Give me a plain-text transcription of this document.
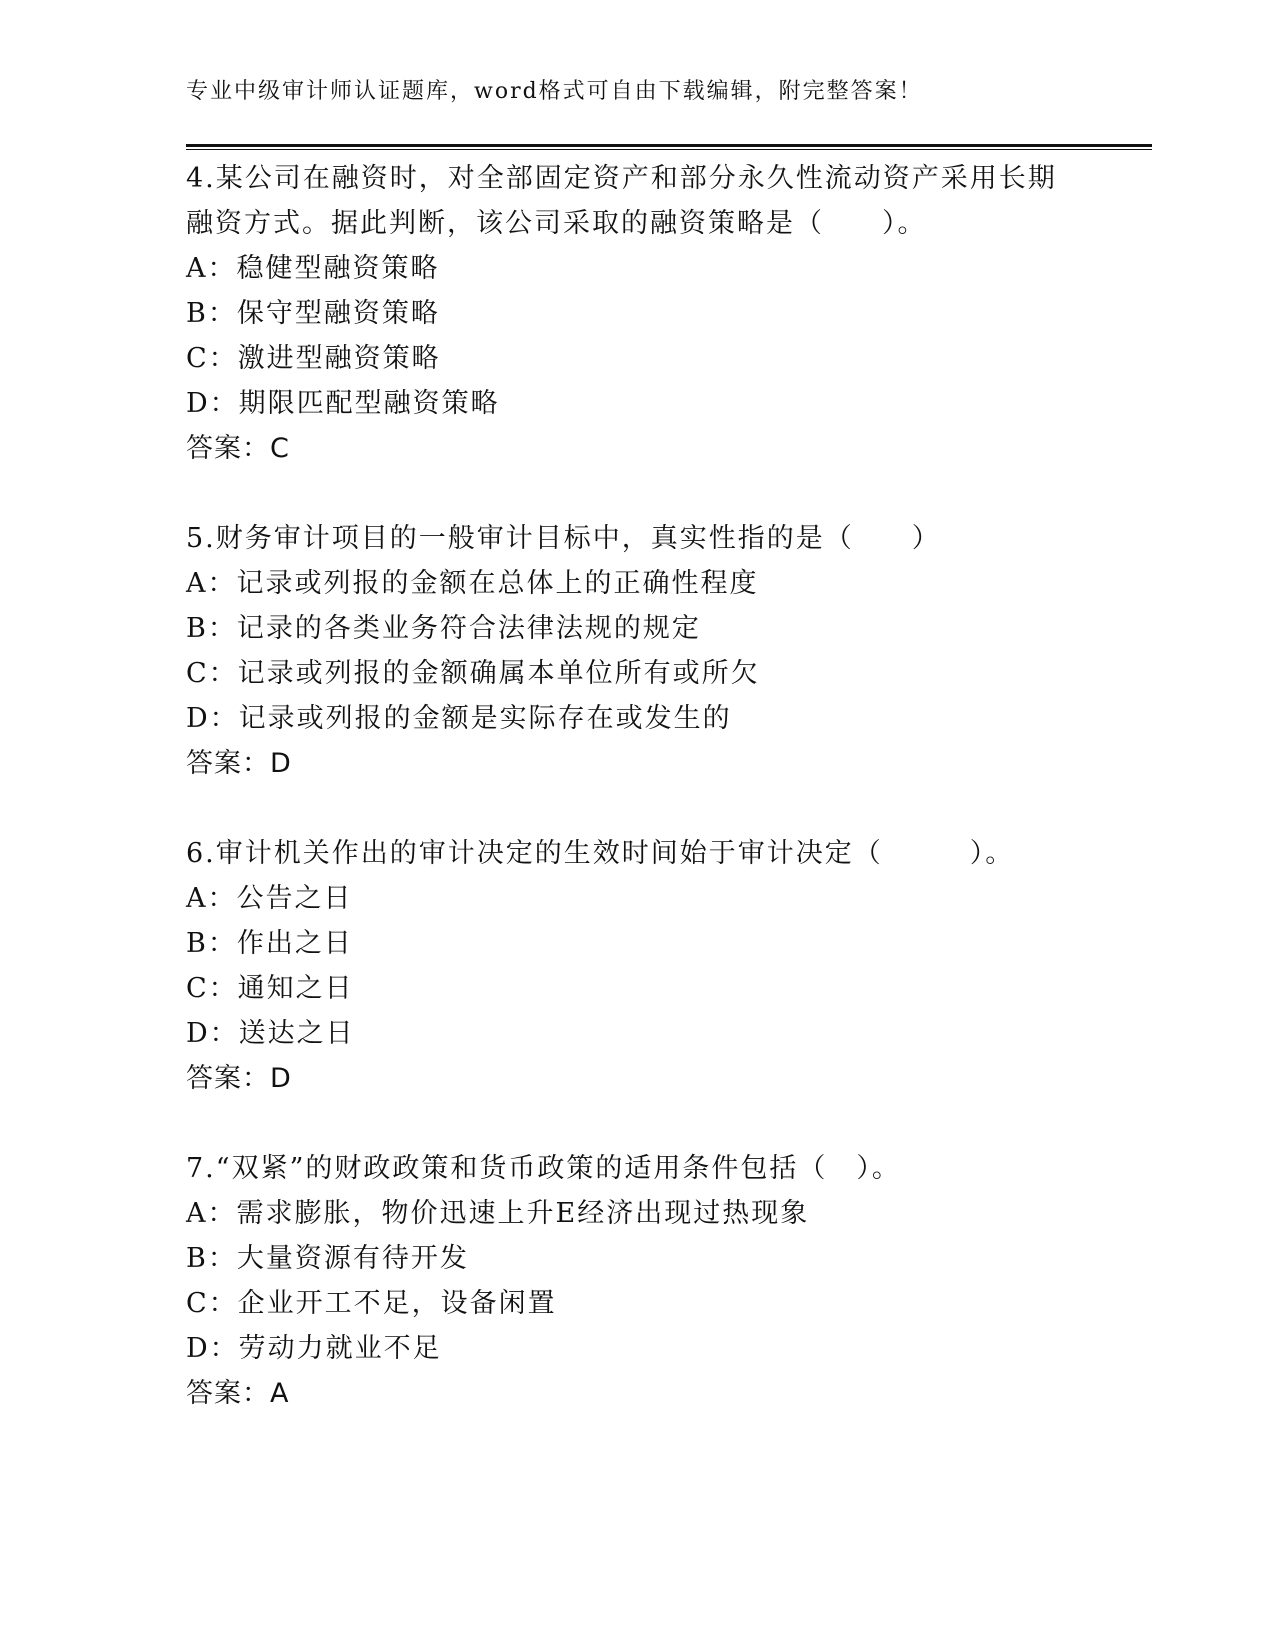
专业中级审计师认证题库，word格式可自由下载编辑，附完整答案！
4.某公司在融资时，对全部固定资产和部分永久性流动资产采用长期
融资方式。据此判断，该公司采取的融资策略是（　　）。
A：稳健型融资策略
B：保守型融资策略
C：激进型融资策略
D：期限匹配型融资策略
答案：C
5.财务审计项目的一般审计目标中，真实性指的是（　　）
A：记录或列报的金额在总体上的正确性程度
B：记录的各类业务符合法律法规的规定
C：记录或列报的金额确属本单位所有或所欠
D：记录或列报的金额是实际存在或发生的
答案：D
6.审计机关作出的审计决定的生效时间始于审计决定（　　　）。
A：公告之日
B：作出之日
C：通知之日
D：送达之日
答案：D
7.“双紧”的财政政策和货币政策的适用条件包括（　）。
A：需求膨胀，物价迅速上升E经济出现过热现象
B：大量资源有待开发
C：企业开工不足，设备闲置
D：劳动力就业不足
答案：A
